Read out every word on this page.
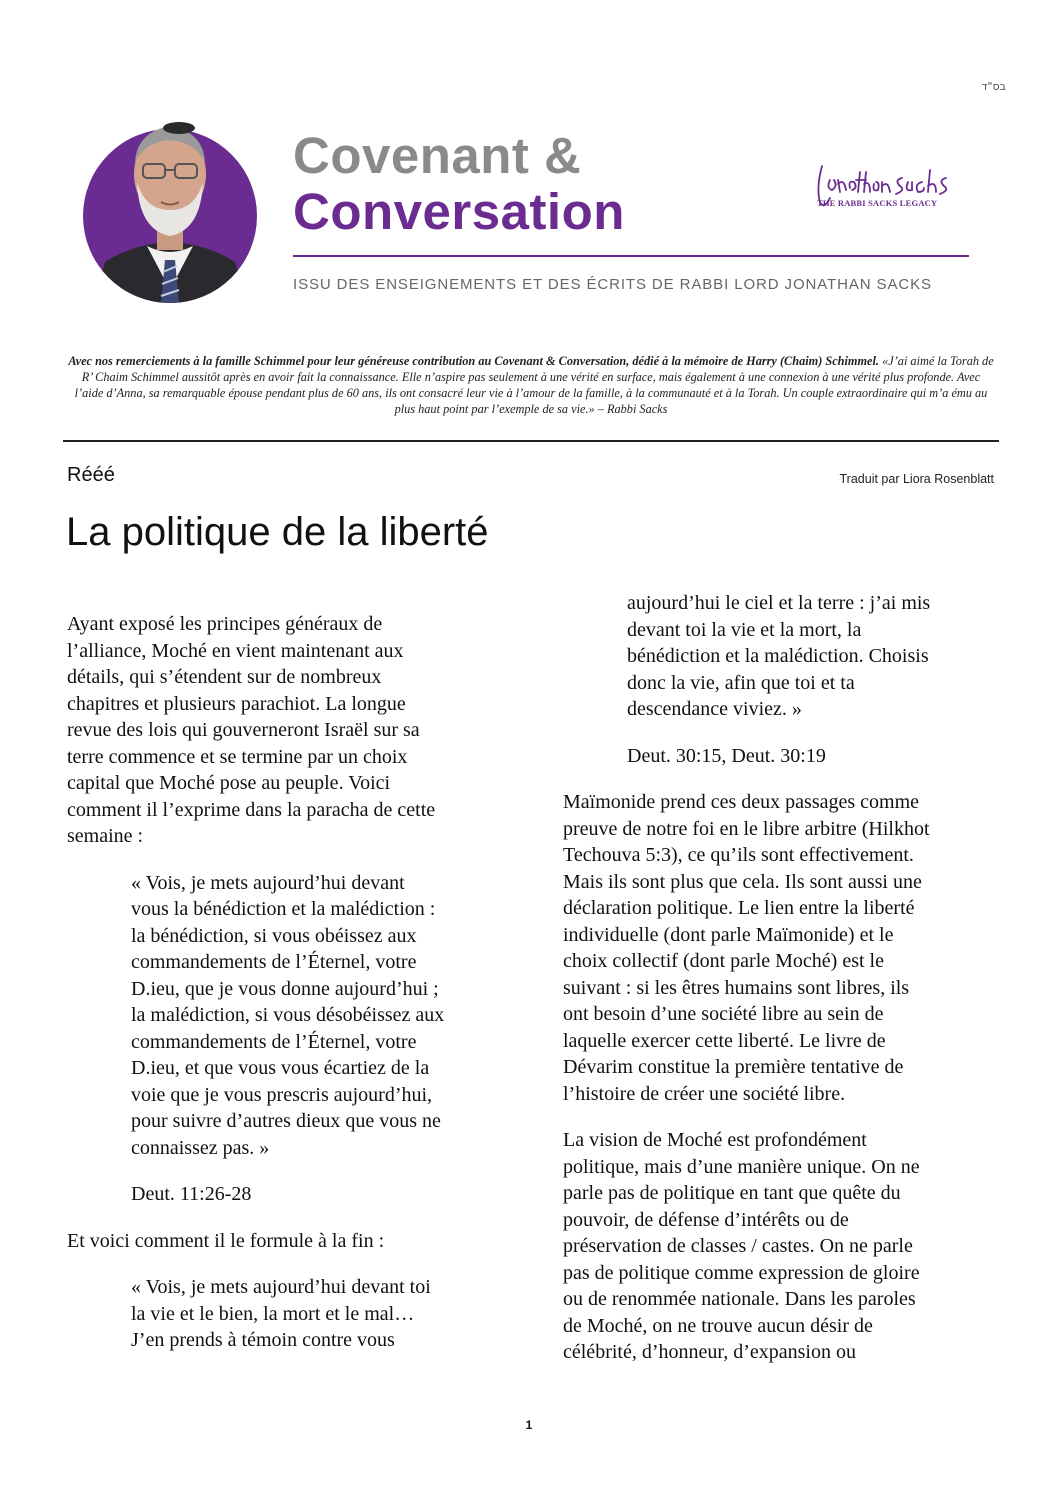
בס"ד
Covenant &
Conversation	THE RABBI SACKS LEGACY
ISSU DES ENSEIGNEMENTS ET DES ÉCRITS DE RABBI LORD JONATHAN SACKS
Avec nos remerciements à la famille Schimmel pour leur généreuse contribution au Covenant & Conversation, dédié à la mémoire de Harry (Chaim) Schimmel. «J’ai aimé la Torah de R’ Chaim Schimmel aussitôt après en avoir fait la connaissance. Elle n’aspire pas seulement à une vérité en surface, mais également à une connexion à une vérité plus profonde. Avec l’aide d’Anna, sa remarquable épouse pendant plus de 60 ans, ils ont consacré leur vie à l’amour de la famille, à la communauté et à la Torah. Un couple extraordinaire qui m’a ému au plus haut point par l’exemple de sa vie.» – Rabbi Sacks
Rééé	Traduit par Liora Rosenblatt
La politique de la liberté

Ayant exposé les principes généraux de
l’alliance, Moché en vient maintenant aux
détails, qui s’étendent sur de nombreux
chapitres et plusieurs parachiot. La longue
revue des lois qui gouverneront Israël sur sa
terre commence et se termine par un choix
capital que Moché pose au peuple. Voici
comment il l’exprime dans la paracha de cette
semaine :

« Vois, je mets aujourd’hui devant
vous la bénédiction et la malédiction :
la bénédiction, si vous obéissez aux
commandements de l’Éternel, votre
D.ieu, que je vous donne aujourd’hui ;
la malédiction, si vous désobéissez aux
commandements de l’Éternel, votre
D.ieu, et que vous vous écartiez de la
voie que je vous prescris aujourd’hui,
pour suivre d’autres dieux que vous ne
connaissez pas. »

Deut. 11:26-28

Et voici comment il le formule à la fin :

« Vois, je mets aujourd’hui devant toi
la vie et le bien, la mort et le mal…
J’en prends à témoin contre vous

aujourd’hui le ciel et la terre : j’ai mis
devant toi la vie et la mort, la
bénédiction et la malédiction. Choisis
donc la vie, afin que toi et ta
descendance viviez. »

Deut. 30:15, Deut. 30:19

Maïmonide prend ces deux passages comme
preuve de notre foi en le libre arbitre (Hilkhot
Techouva 5:3), ce qu’ils sont effectivement.
Mais ils sont plus que cela. Ils sont aussi une
déclaration politique. Le lien entre la liberté
individuelle (dont parle Maïmonide) et le
choix collectif (dont parle Moché) est le
suivant : si les êtres humains sont libres, ils
ont besoin d’une société libre au sein de
laquelle exercer cette liberté. Le livre de
Dévarim constitue la première tentative de
l’histoire de créer une société libre.

La vision de Moché est profondément
politique, mais d’une manière unique. On ne
parle pas de politique en tant que quête du
pouvoir, de défense d’intérêts ou de
préservation de classes / castes. On ne parle
pas de politique comme expression de gloire
ou de renommée nationale. Dans les paroles
de Moché, on ne trouve aucun désir de
célébrité, d’honneur, d’expansion ou

1
